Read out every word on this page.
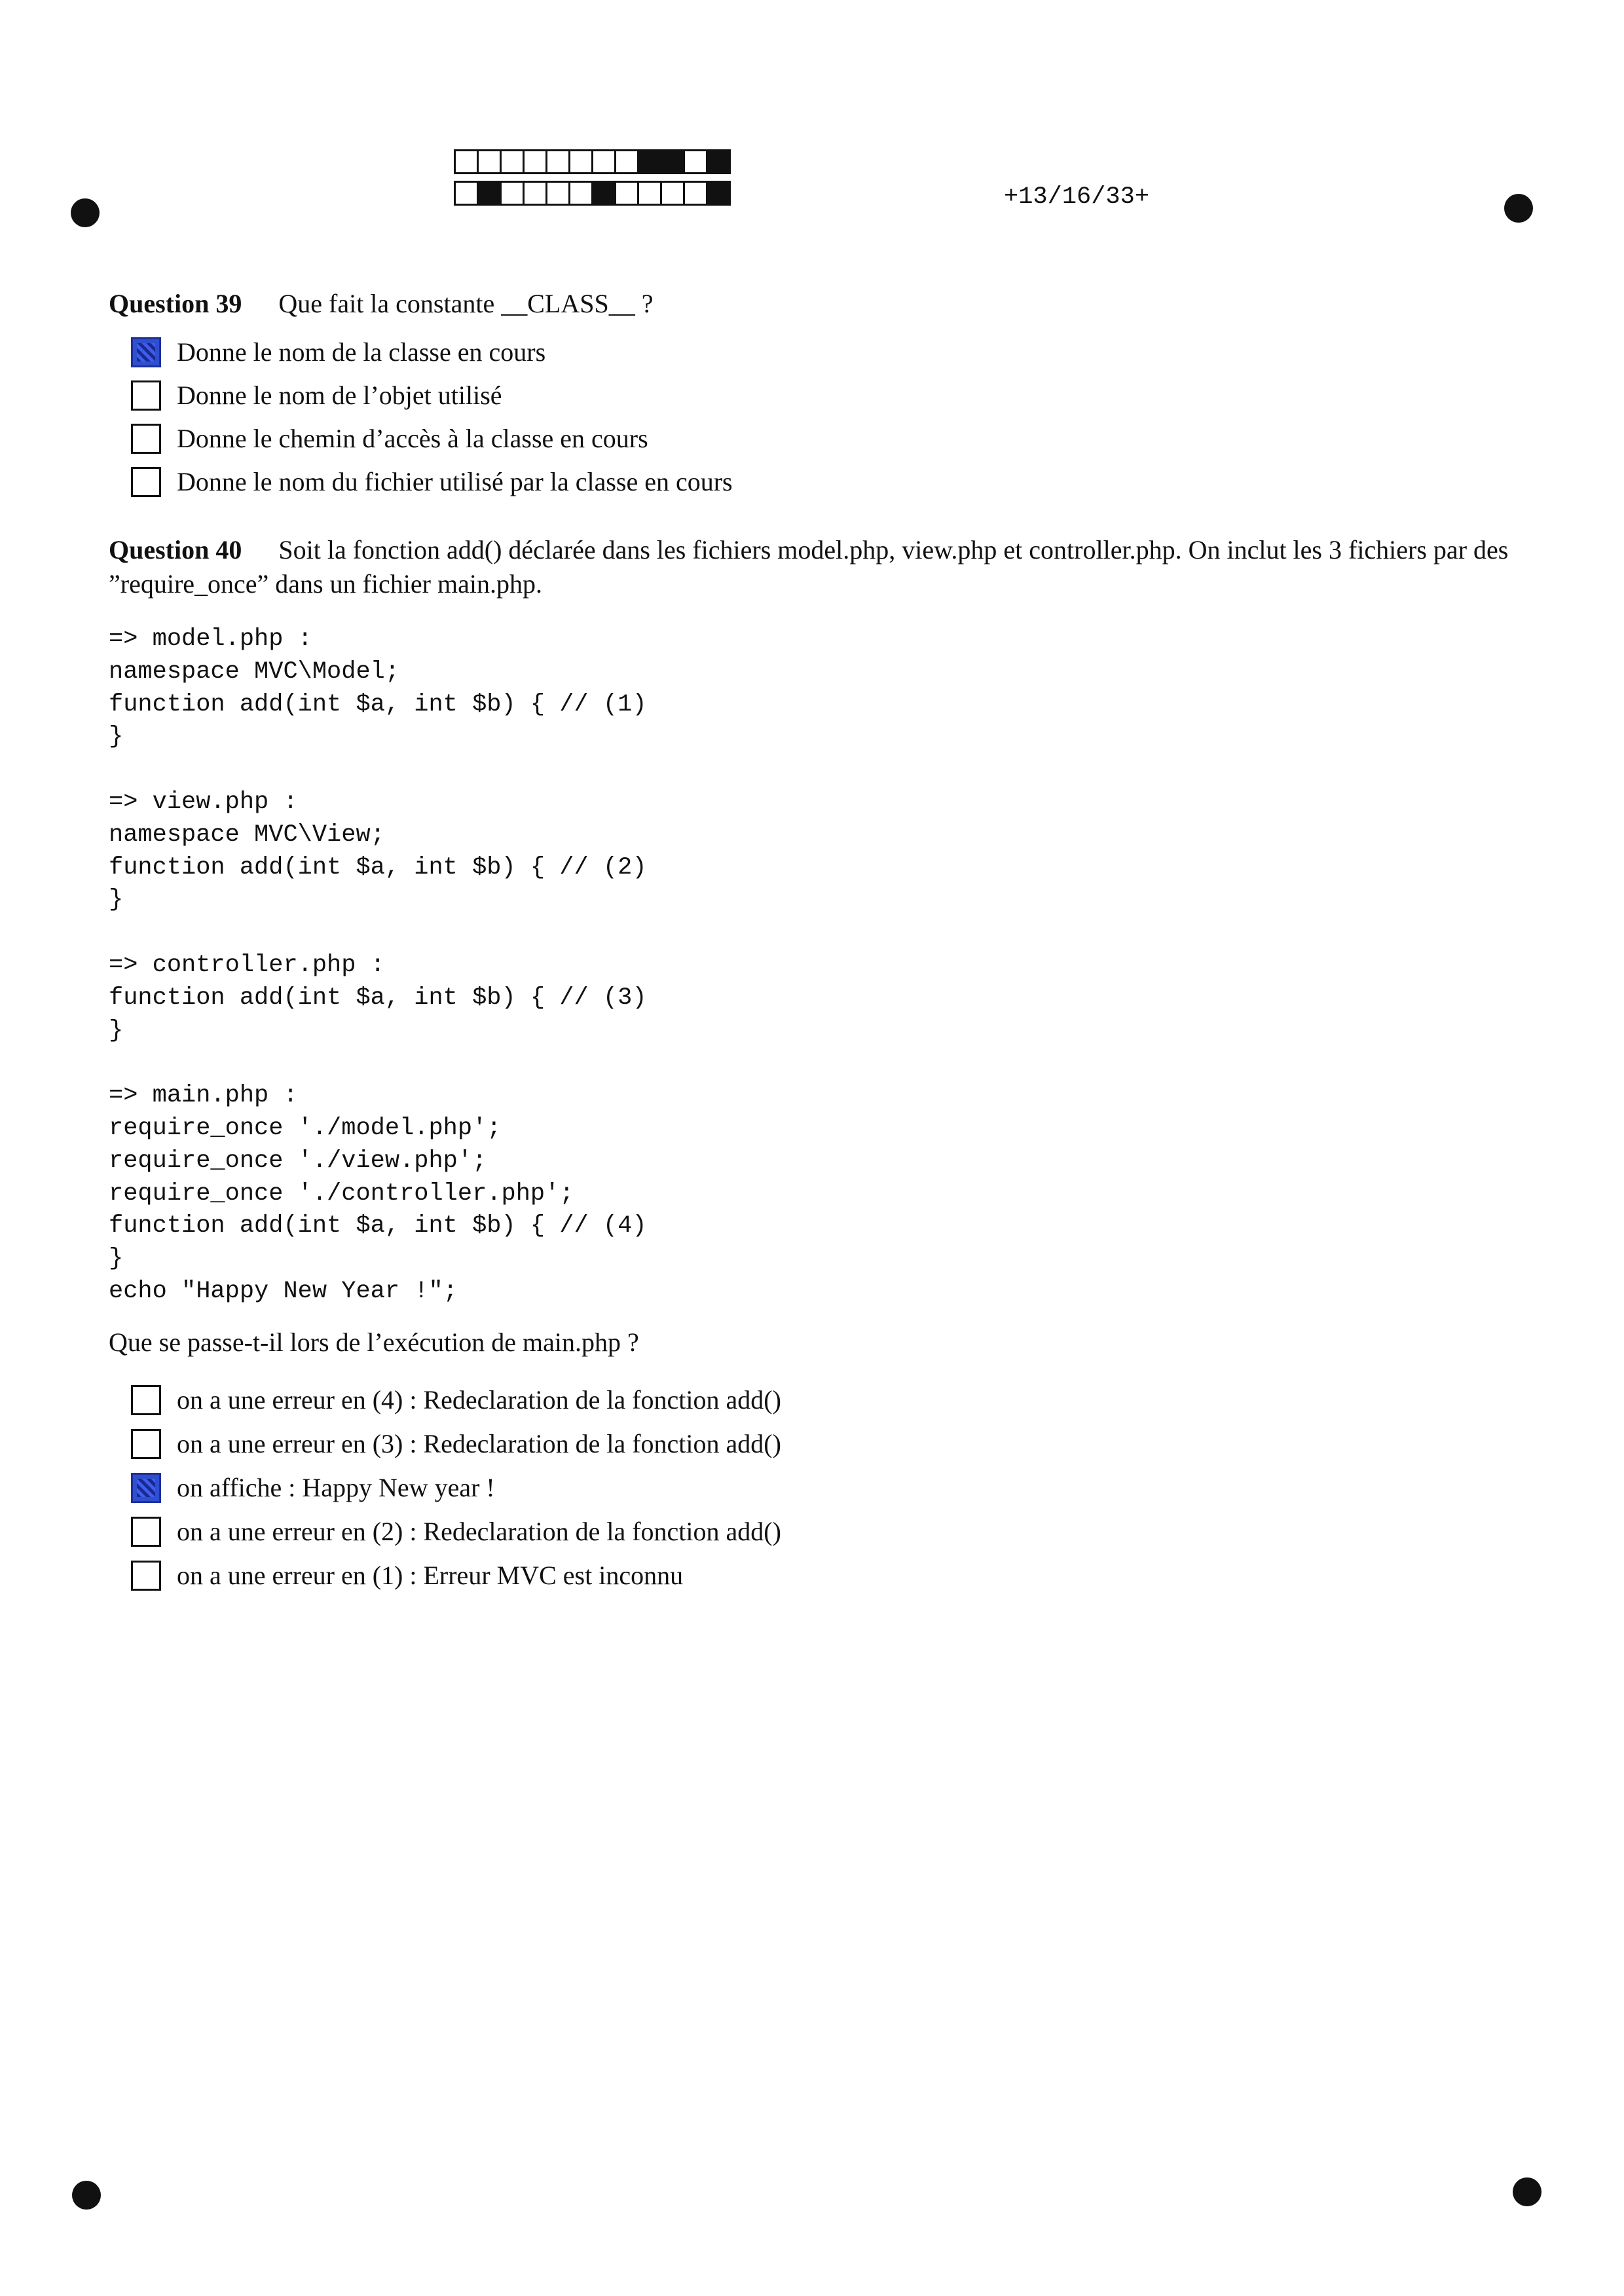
+13/16/33+
Question 39 Que fait la constante __CLASS__ ?
Donne le nom de la classe en cours
Donne le nom de l’objet utilisé
Donne le chemin d’accès à la classe en cours
Donne le nom du fichier utilisé par la classe en cours
Question 40 Soit la fonction add() déclarée dans les fichiers model.php, view.php et controller.php. On inclut les 3 fichiers par des ”require_once” dans un fichier main.php.
=> model.php :
namespace MVC\Model;
function add(int $a, int $b) { // (1)
}

=> view.php :
namespace MVC\View;
function add(int $a, int $b) { // (2)
}

=> controller.php :
function add(int $a, int $b) { // (3)
}

=> main.php :
require_once './model.php';
require_once './view.php';
require_once './controller.php';
function add(int $a, int $b) { // (4)
}
echo "Happy New Year !";
Que se passe-t-il lors de l’exécution de main.php ?
on a une erreur en (4) : Redeclaration de la fonction add()
on a une erreur en (3) : Redeclaration de la fonction add()
on affiche : Happy New year !
on a une erreur en (2) : Redeclaration de la fonction add()
on a une erreur en (1) : Erreur MVC est inconnu
